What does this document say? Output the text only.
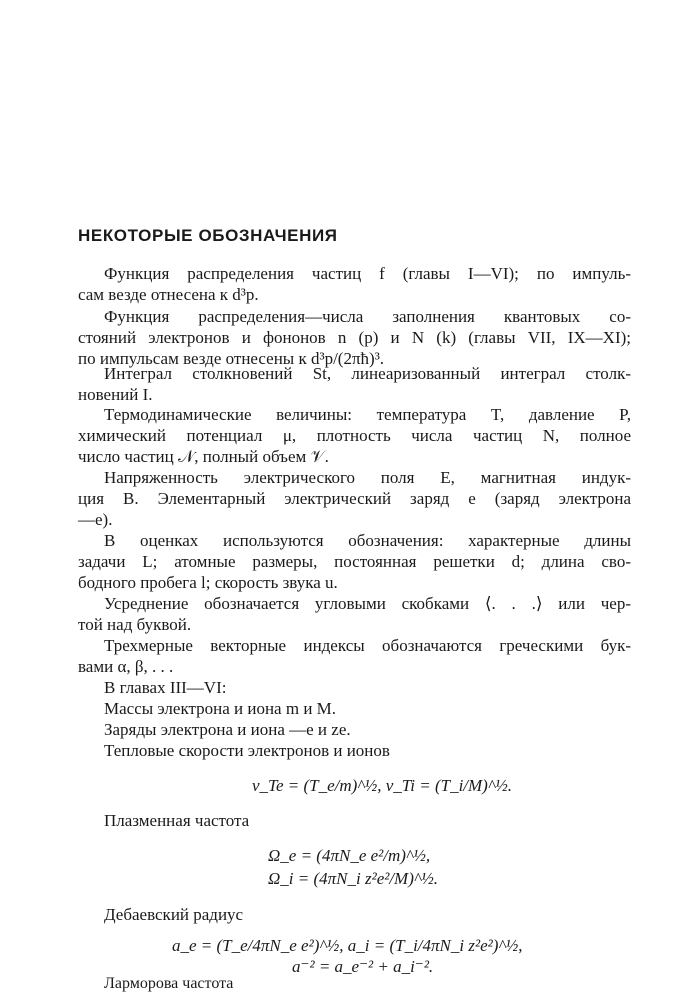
НЕКОТОРЫЕ ОБОЗНАЧЕНИЯ
Функция распределения частиц f (главы I—VI); по импуль-
сам везде отнесена к d³p.
Функция распределения—числа заполнения квантовых со-
стояний электронов и фононов n (p) и N (k) (главы VII, IX—XI);
по импульсам везде отнесены к d³p/(2πħ)³.
Интеграл столкновений St, линеаризованный интеграл столк-
новений I.
Термодинамические величины: температура T, давление P,
химический потенциал μ, плотность числа частиц N, полное
число частиц 𝒩, полный объем 𝒱.
Напряженность электрического поля E, магнитная индук-
ция B. Элементарный электрический заряд e (заряд электрона
—e).
В оценках используются обозначения: характерные длины
задачи L; атомные размеры, постоянная решетки d; длина сво-
бодного пробега l; скорость звука u.
Усреднение обозначается угловыми скобками ⟨. . .⟩ или чер-
той над буквой.
Трехмерные векторные индексы обозначаются греческими бук-
вами α, β, . . .
В главах III—VI:
Массы электрона и иона m и M.
Заряды электрона и иона —e и ze.
Тепловые скорости электронов и ионов
v_Te = (T_e/m)^½, v_Ti = (T_i/M)^½.
Плазменная частота
Ω_e = (4πN_e e²/m)^½,
Ω_i = (4πN_i z²e²/M)^½.
Дебаевский радиус
a_e = (T_e/4πN_e e²)^½, a_i = (T_i/4πN_i z²e²)^½,
a⁻² = a_e⁻² + a_i⁻².
Ларморова частота
